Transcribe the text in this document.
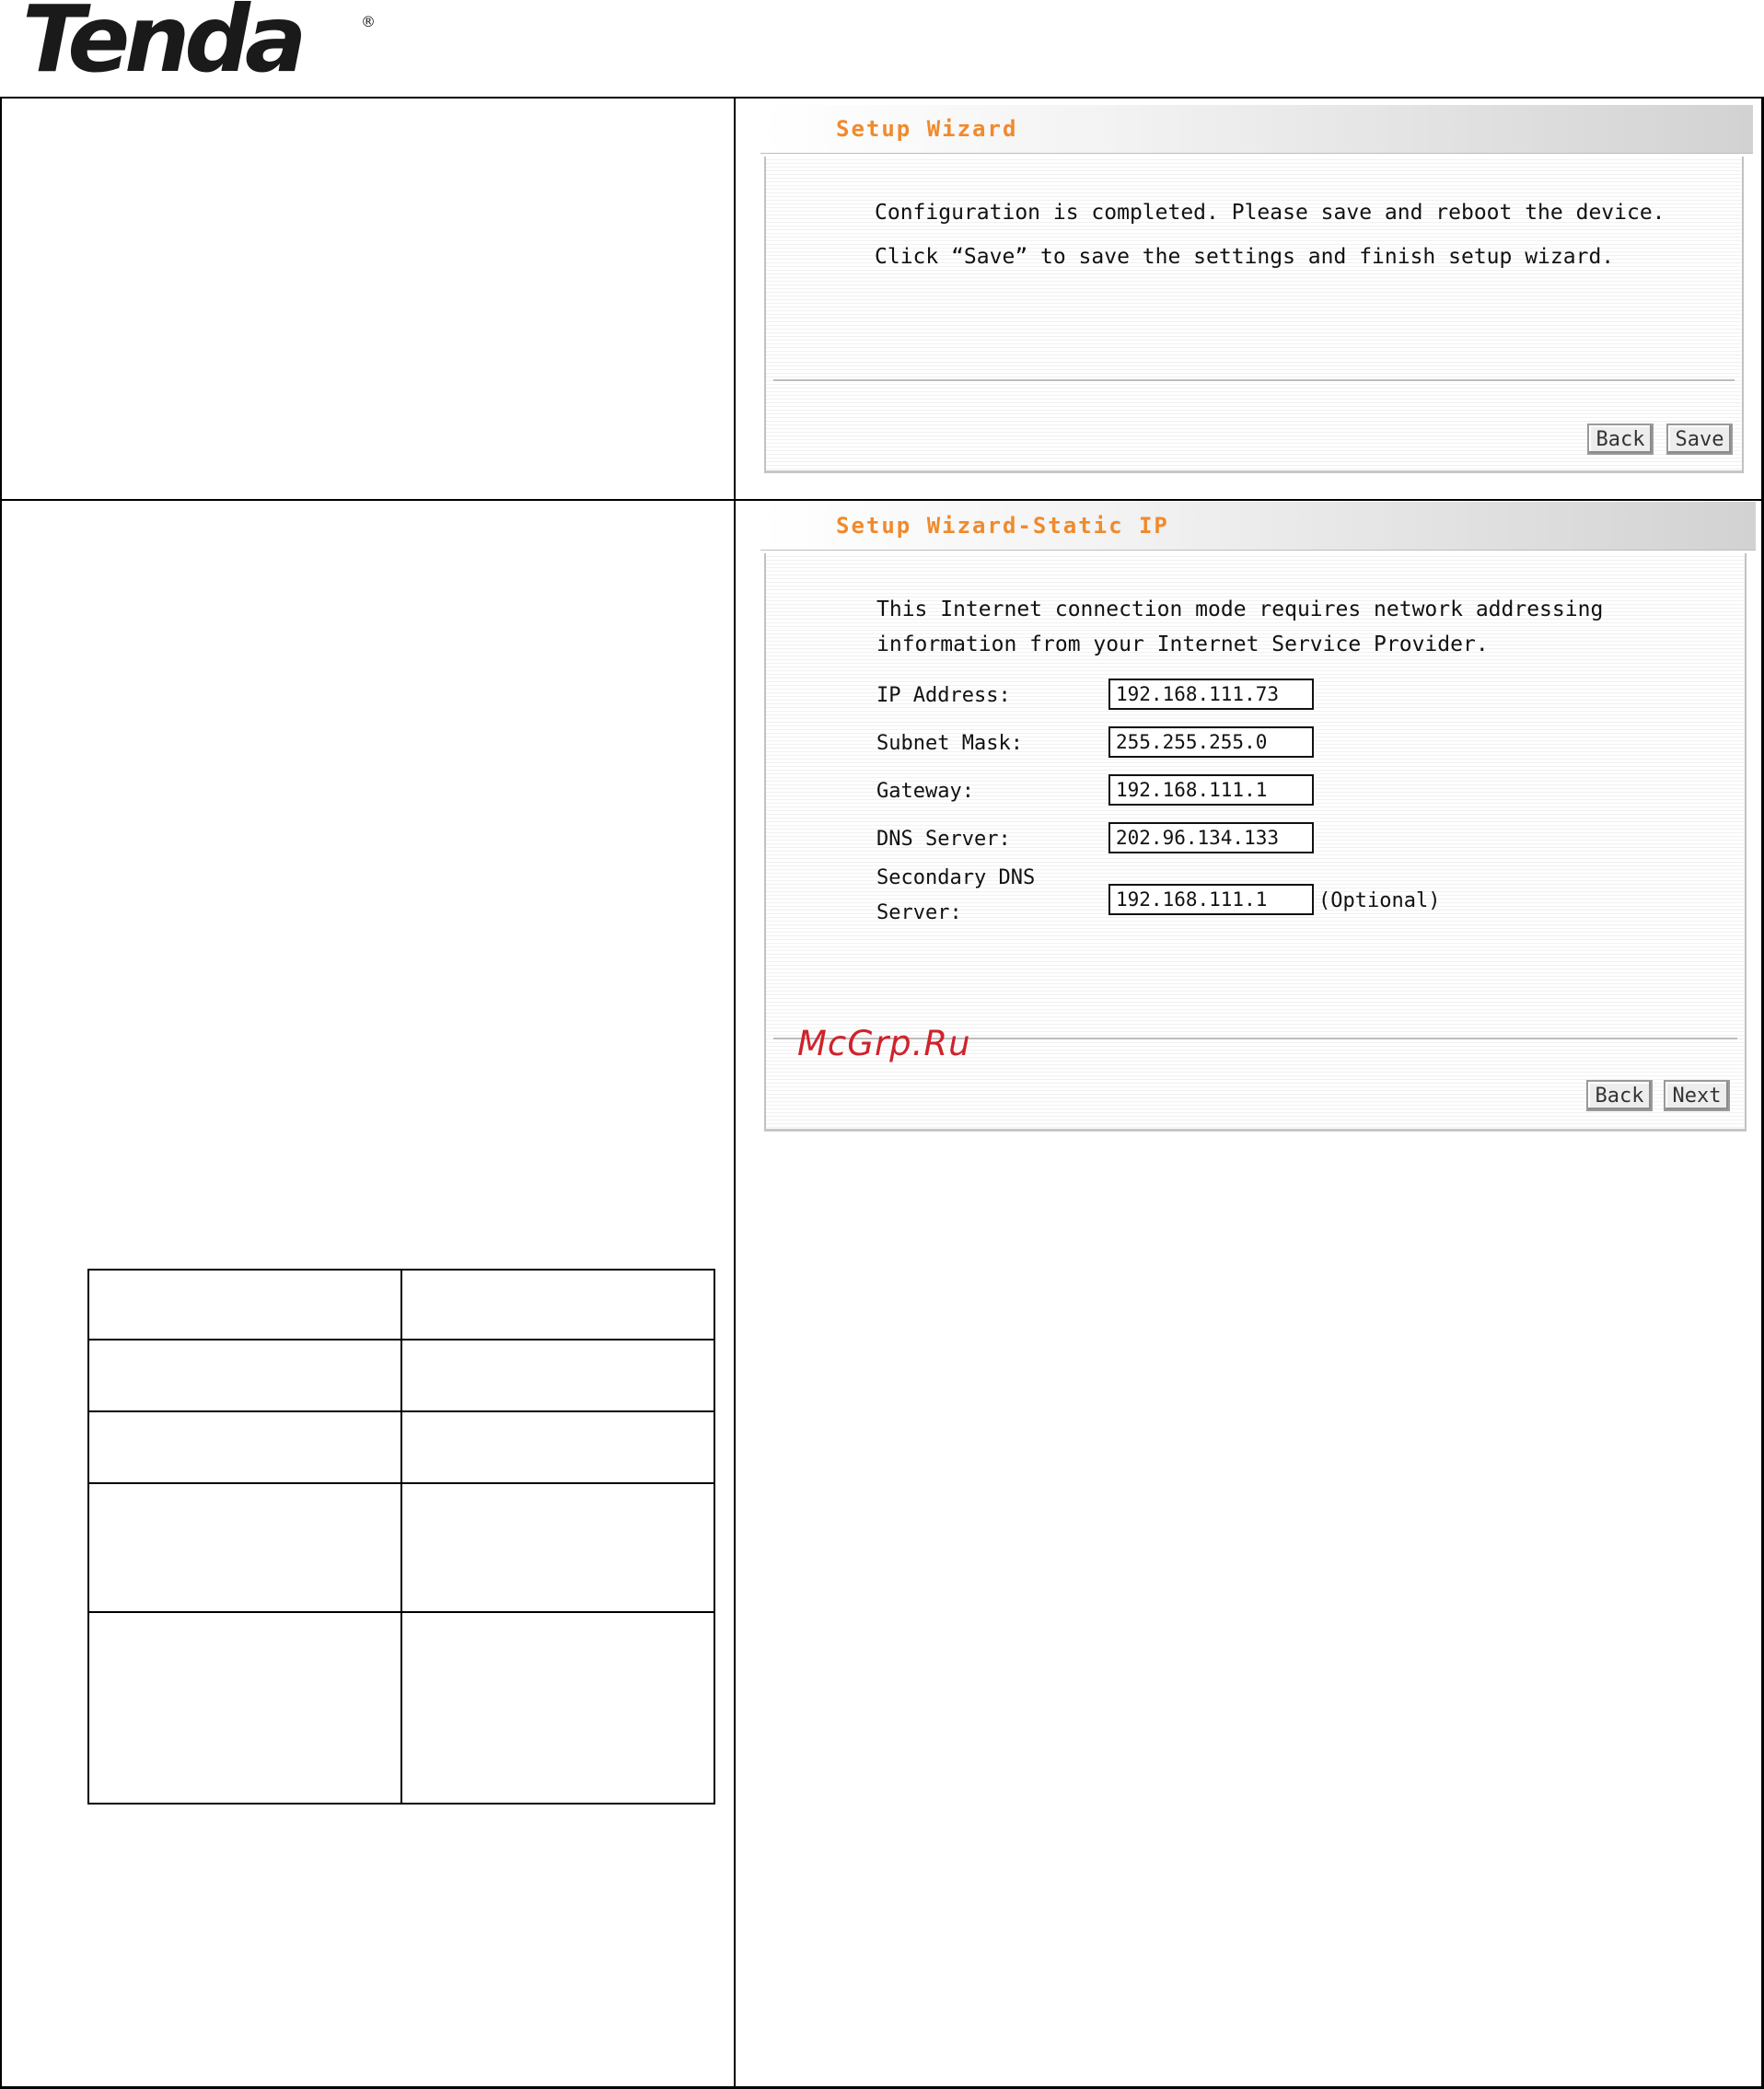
Tenda	®
Setup Wizard
Configuration is completed. Please save and reboot the device.
Click “Save” to save the settings and finish setup wizard.
Back	Save
Setup Wizard-Static IP
This Internet connection mode requires network addressing
information from your Internet Service Provider.
IP Address:
192.168.111.73
Subnet Mask:
255.255.255.0
Gateway:
192.168.111.1
DNS Server:
202.96.134.133
Secondary DNS
Server:
192.168.111.1
(Optional)
Back	Next
McGrp.Ru
